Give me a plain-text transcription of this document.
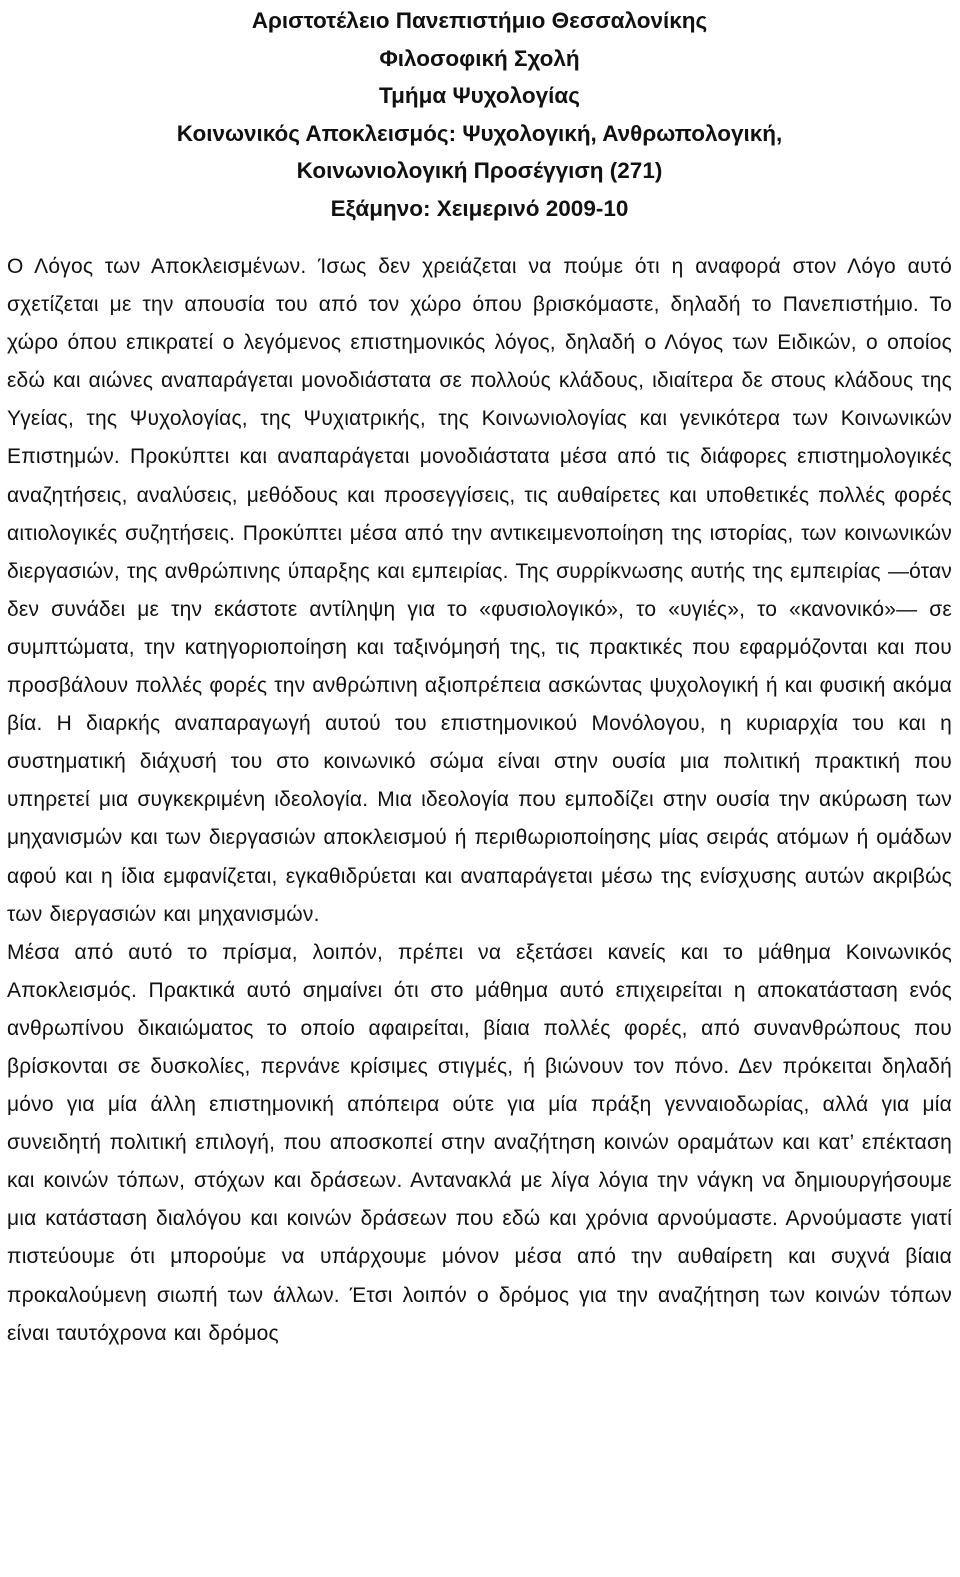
Αριστοτέλειο Πανεπιστήμιο Θεσσαλονίκης
Φιλοσοφική Σχολή
Τμήμα Ψυχολογίας
Κοινωνικός Αποκλεισμός: Ψυχολογική, Ανθρωπολογική,
Κοινωνιολογική Προσέγγιση (271)
Εξάμηνο: Χειμερινό 2009-10

Ο Λόγος των Αποκλεισμένων. Ίσως δεν χρειάζεται να πούμε ότι η αναφορά στον Λόγο αυτό σχετίζεται με την απουσία του από τον χώρο όπου βρισκόμαστε, δηλαδή το Πανεπιστήμιο. Το χώρο όπου επικρατεί ο λεγόμενος επιστημονικός λόγος, δηλαδή ο Λόγος των Ειδικών, ο οποίος εδώ και αιώνες αναπαράγεται μονοδιάστατα σε πολλούς κλάδους, ιδιαίτερα δε στους κλάδους της Υγείας, της Ψυχολογίας, της Ψυχιατρικής, της Κοινωνιολογίας και γενικότερα των Κοινωνικών Επιστημών. Προκύπτει και αναπαράγεται μονοδιάστατα μέσα από τις διάφορες επιστημολογικές αναζητήσεις, αναλύσεις, μεθόδους και προσεγγίσεις, τις αυθαίρετες και υποθετικές πολλές φορές αιτιολογικές συζητήσεις. Προκύπτει μέσα από την αντικειμενοποίηση της ιστορίας, των κοινωνικών διεργασιών, της ανθρώπινης ύπαρξης και εμπειρίας. Της συρρίκνωσης αυτής της εμπειρίας —όταν δεν συνάδει με την εκάστοτε αντίληψη για το «φυσιολογικό», το «υγιές», το «κανονικό»— σε συμπτώματα, την κατηγοριοποίηση και ταξινόμησή της, τις πρακτικές που εφαρμόζονται και που προσβάλουν πολλές φορές την ανθρώπινη αξιοπρέπεια ασκώντας ψυχολογική ή και φυσική ακόμα βία. Η διαρκής αναπαραγωγή αυτού του επιστημονικού Μονόλογου, η κυριαρχία του και η συστηματική διάχυσή του στο κοινωνικό σώμα είναι στην ουσία μια πολιτική πρακτική που υπηρετεί μια συγκεκριμένη ιδεολογία. Μια ιδεολογία που εμποδίζει στην ουσία την ακύρωση των μηχανισμών και των διεργασιών αποκλεισμού ή περιθωριοποίησης μίας σειράς ατόμων ή ομάδων αφού και η ίδια εμφανίζεται, εγκαθιδρύεται και αναπαράγεται μέσω της ενίσχυσης αυτών ακριβώς των διεργασιών και μηχανισμών.

Μέσα από αυτό το πρίσμα, λοιπόν, πρέπει να εξετάσει κανείς και το μάθημα Κοινωνικός Αποκλεισμός. Πρακτικά αυτό σημαίνει ότι στο μάθημα αυτό επιχειρείται η αποκατάσταση ενός ανθρωπίνου δικαιώματος το οποίο αφαιρείται, βίαια πολλές φορές, από συνανθρώπους που βρίσκονται σε δυσκολίες, περνάνε κρίσιμες στιγμές, ή βιώνουν τον πόνο. Δεν πρόκειται δηλαδή μόνο για μία άλλη επιστημονική απόπειρα ούτε για μία πράξη γενναιοδωρίας, αλλά για μία συνειδητή πολιτική επιλογή, που αποσκοπεί στην αναζήτηση κοινών οραμάτων και κατ’ επέκταση και κοινών τόπων, στόχων και δράσεων. Αντανακλά με λίγα λόγια την νάγκη να δημιουργήσουμε μια κατάσταση διαλόγου και κοινών δράσεων που εδώ και χρόνια αρνούμαστε. Αρνούμαστε γιατί πιστεύουμε ότι μπορούμε να υπάρχουμε μόνον μέσα από την αυθαίρετη και συχνά βίαια προκαλούμενη σιωπή των άλλων. Έτσι λοιπόν ο δρόμος για την αναζήτηση των κοινών τόπων είναι ταυτόχρονα και δρόμος
